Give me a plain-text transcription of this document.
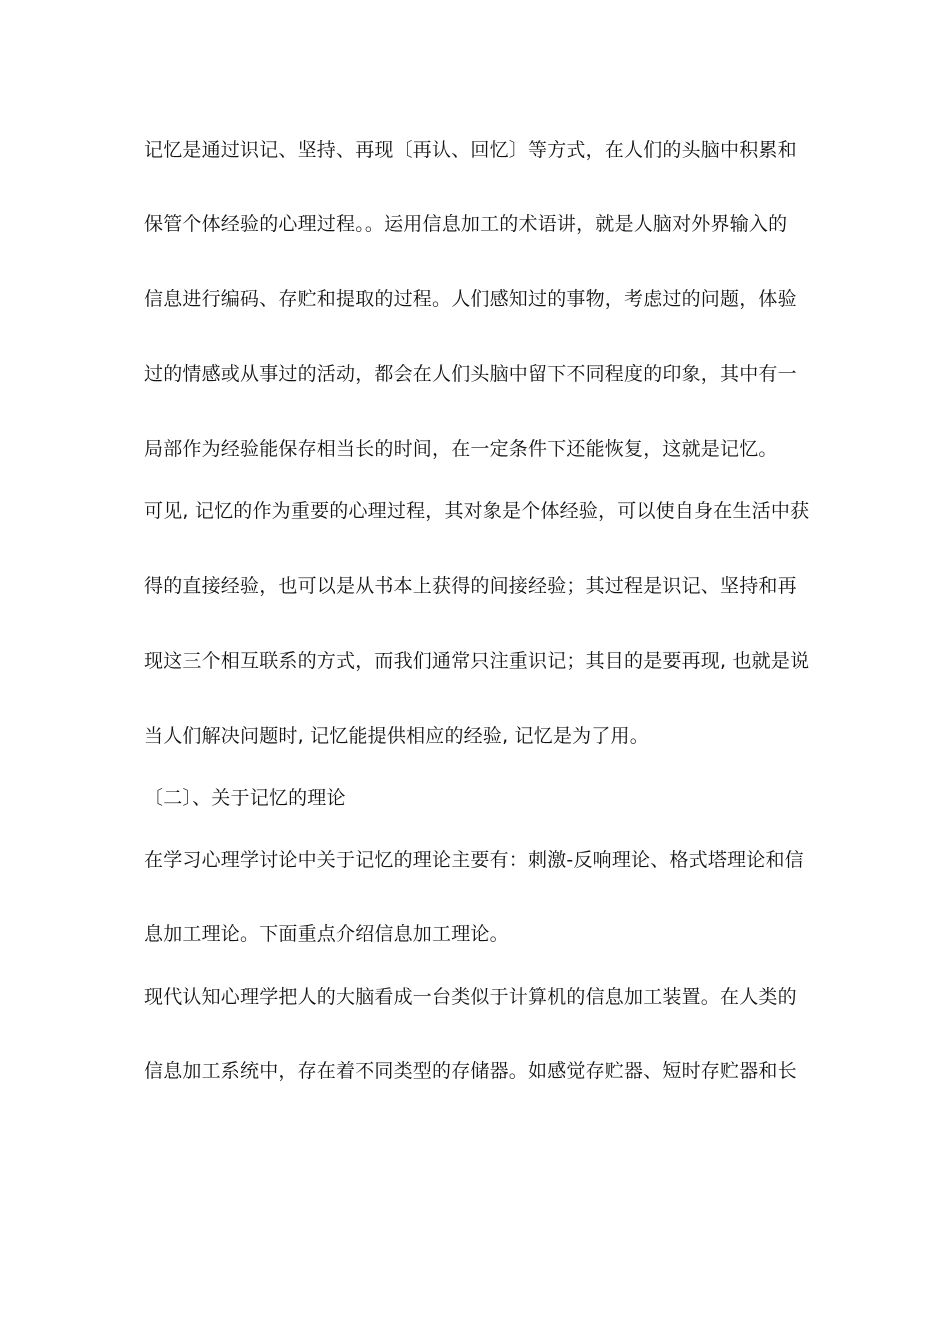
记忆是通过识记、坚持、再现〔再认、回忆〕等方式，在人们的头脑中积累和
保管个体经验的心理过程。。运用信息加工的术语讲，就是人脑对外界输入的
信息进行编码、存贮和提取的过程。人们感知过的事物，考虑过的问题，体验
过的情感或从事过的活动，都会在人们头脑中留下不同程度的印象，其中有一
局部作为经验能保存相当长的时间，在一定条件下还能恢复，这就是记忆。
可见, 记忆的作为重要的心理过程，其对象是个体经验，可以使自身在生活中获
得的直接经验，也可以是从书本上获得的间接经验；其过程是识记、坚持和再
现这三个相互联系的方式，而我们通常只注重识记；其目的是要再现, 也就是说
当人们解决问题时, 记忆能提供相应的经验, 记忆是为了用。
〔二〕、关于记忆的理论
在学习心理学讨论中关于记忆的理论主要有：刺激-反响理论、格式塔理论和信
息加工理论。下面重点介绍信息加工理论。
现代认知心理学把人的大脑看成一台类似于计算机的信息加工装置。在人类的
信息加工系统中，存在着不同类型的存储器。如感觉存贮器、短时存贮器和长
